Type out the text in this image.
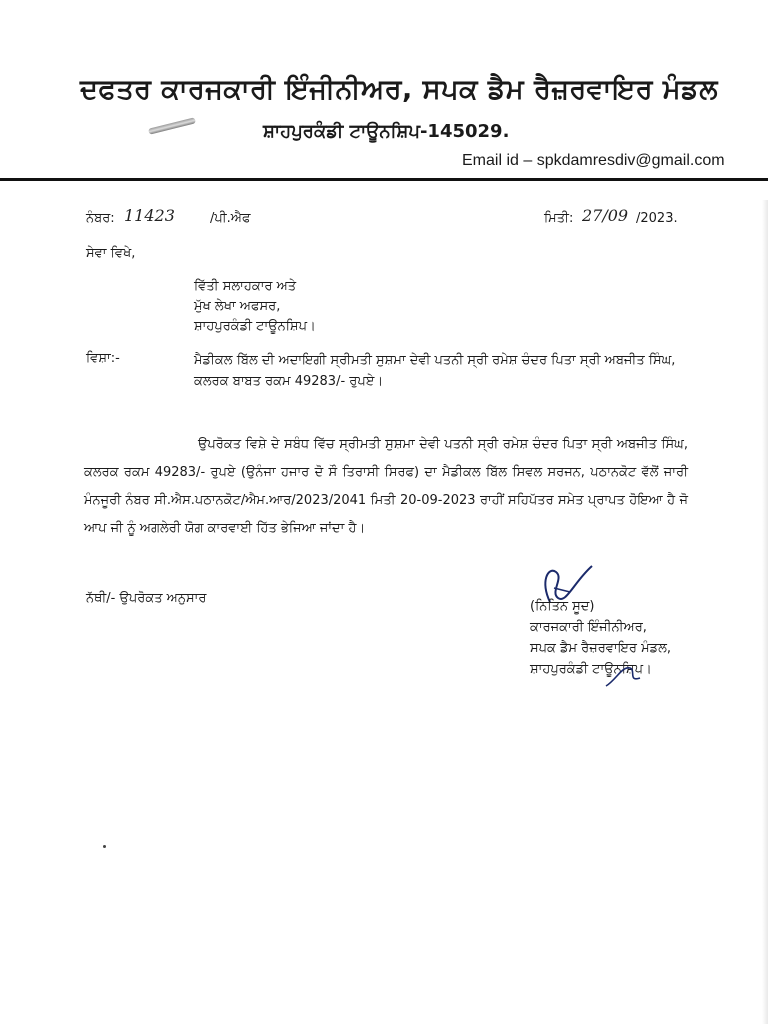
ਦਫਤਰ ਕਾਰਜਕਾਰੀ ਇੰਜੀਨੀਅਰ, ਸਪਕ ਡੈਮ ਰੈਜ਼ਰਵਾਇਰ ਮੰਡਲ
ਸ਼ਾਹਪੁਰਕੰਡੀ ਟਾਊਨਸ਼ਿਪ-145029.
Email id – spkdamresdiv@gmail.com
ਨੰਬਰ: 11423	/ਪੀ.ਐਫ	ਮਿਤੀ: 27/09 /2023.
ਸੇਵਾ ਵਿਖੇ,
ਵਿੱਤੀ ਸਲਾਹਕਾਰ ਅਤੇ
ਮੁੱਖ ਲੇਖਾ ਅਫਸਰ,
ਸ਼ਾਹਪੁਰਕੰਡੀ ਟਾਊਨਸ਼ਿਪ।
ਵਿਸ਼ਾ:-	ਮੈਡੀਕਲ ਬਿੱਲ ਦੀ ਅਦਾਇਗੀ ਸ੍ਰੀਮਤੀ ਸੁਸ਼ਮਾ ਦੇਵੀ ਪਤਨੀ ਸ੍ਰੀ ਰਮੇਸ਼ ਚੰਦਰ ਪਿਤਾ ਸ੍ਰੀ ਅਬਜੀਤ ਸਿੰਘ, ਕਲਰਕ ਬਾਬਤ ਰਕਮ 49283/- ਰੁਪਏ।
ਉਪਰੋਕਤ ਵਿਸ਼ੇ ਦੇ ਸਬੰਧ ਵਿੱਚ ਸ੍ਰੀਮਤੀ ਸੁਸ਼ਮਾ ਦੇਵੀ ਪਤਨੀ ਸ੍ਰੀ ਰਮੇਸ਼ ਚੰਦਰ ਪਿਤਾ ਸ੍ਰੀ ਅਬਜੀਤ ਸਿੰਘ, ਕਲਰਕ ਰਕਮ 49283/- ਰੁਪਏ (ਉਨੰਜਾ ਹਜਾਰ ਦੋ ਸੌ ਤਿਰਾਸੀ ਸਿਰਫ) ਦਾ ਮੈਡੀਕਲ ਬਿੱਲ ਸਿਵਲ ਸਰਜਨ, ਪਠਾਨਕੋਟ ਵੱਲੋਂ ਜਾਰੀ ਮੰਨਜੂਰੀ ਨੰਬਰ ਸੀ.ਐਸ.ਪਠਾਨਕੋਟ/ਐਮ.ਆਰ/2023/2041 ਮਿਤੀ 20-09-2023 ਰਾਹੀਂ ਸਹਿਪੱਤਰ ਸਮੇਤ ਪ੍ਰਾਪਤ ਹੋਇਆ ਹੈ ਜੋ ਆਪ ਜੀ ਨੂੰ ਅਗਲੇਰੀ ਯੋਗ ਕਾਰਵਾਈ ਹਿੱਤ ਭੇਜਿਆ ਜਾਂਦਾ ਹੈ।
(ਨਿਤਿਨ ਸੂਦ)
ਕਾਰਜਕਾਰੀ ਇੰਜੀਨੀਅਰ,
ਸਪਕ ਡੈਮ ਰੈਜ਼ਰਵਾਇਰ ਮੰਡਲ,
ਸ਼ਾਹਪੁਰਕੰਡੀ ਟਾਊਨਸ਼ਿਪ।
ਨੱਥੀ/- ਉਪਰੋਕਤ ਅਨੁਸਾਰ
